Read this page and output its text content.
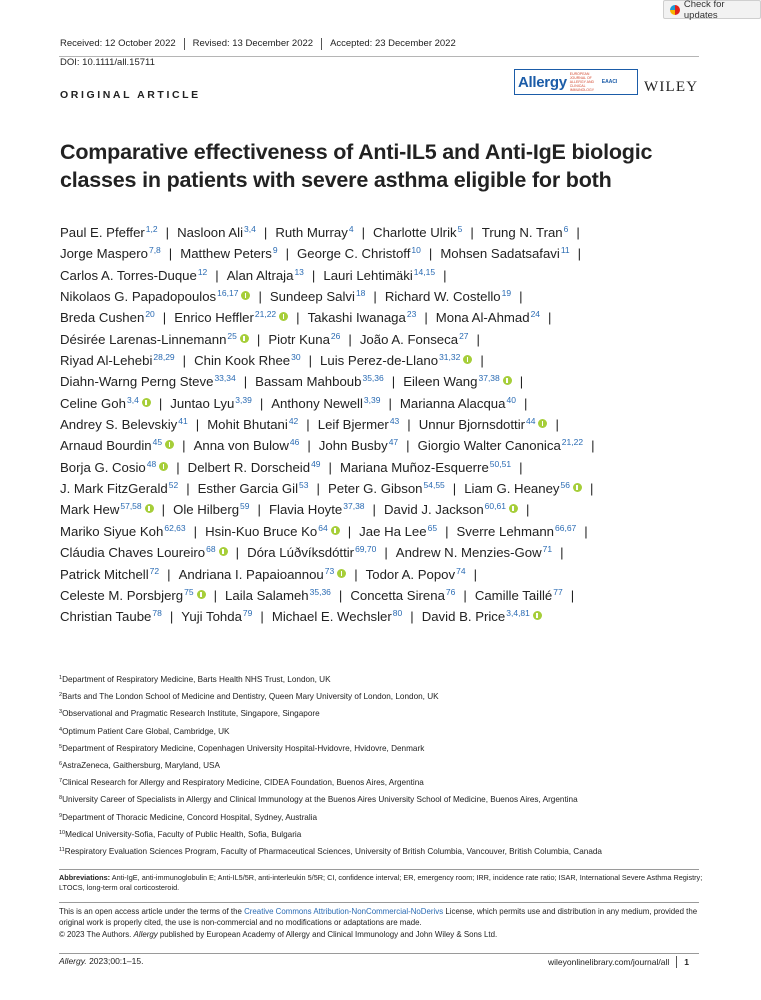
Check for updates
Received: 12 October 2022	Revised: 13 December 2022	Accepted: 23 December 2022
DOI: 10.1111/all.15711
Allergy EUROPEAN JOURNAL OF ALLERGY AND CLINICAL IMMUNOLOGY
EAACI WILEY
ORIGINAL ARTICLE
Comparative effectiveness of Anti-IL5 and Anti-IgE biologic
classes in patients with severe asthma eligible for both
Paul E. Pfeffer$^{1,2}$ | Nasloon Ali$^{3,4}$ | Ruth Murray$^4$ | Charlotte Ulrik$^5$ | Trung N. Tran$^6$ |
Jorge Maspero$^{7,8}$ | Matthew Peters$^9$ | George C. Christoff$^{10}$ | Mohsen Sadatsafavi$^{11}$ |
Carlos A. Torres-Duque$^{12}$ | Alan Altraja$^{13}$ | Lauri Lehtimäki$^{14,15}$ |
Nikolaos G. Papadopoulos$^{16,17}$ | Sundeep Salvi$^{18}$ | Richard W. Costello$^{19}$ |
Breda Cushen$^{20}$ | Enrico Heffler$^{21,22}$ | Takashi Iwanaga$^{23}$ | Mona Al-Ahmad$^{24}$ |
Désirée Larenas-Linnemann$^{25}$ | Piotr Kuna$^{26}$ | João A. Fonseca$^{27}$ |
Riyad Al-Lehebi$^{28,29}$ | Chin Kook Rhee$^{30}$ | Luis Perez-de-Llano$^{31,32}$ |
Diahn-Warng Perng Steve$^{33,34}$ | Bassam Mahboub$^{35,36}$ | Eileen Wang$^{37,38}$ |
Celine Goh$^{3,4}$ | Juntao Lyu$^{3,39}$ | Anthony Newell$^{3,39}$ | Marianna Alacqua$^{40}$ |
Andrey S. Belevskiy$^{41}$ | Mohit Bhutani$^{42}$ | Leif Bjermer$^{43}$ | Unnur Bjornsdottir$^{44}$ |
Arnaud Bourdin$^{45}$ | Anna von Bulow$^{46}$ | John Busby$^{47}$ | Giorgio Walter Canonica$^{21,22}$ |
Borja G. Cosio$^{48}$ | Delbert R. Dorscheid$^{49}$ | Mariana Muñoz-Esquerre$^{50,51}$ |
J. Mark FitzGerald$^{52}$ | Esther Garcia Gil$^{53}$ | Peter G. Gibson$^{54,55}$ | Liam G. Heaney$^{56}$ |
Mark Hew$^{57,58}$ | Ole Hilberg$^{59}$ | Flavia Hoyte$^{37,38}$ | David J. Jackson$^{60,61}$ |
Mariko Siyue Koh$^{62,63}$ | Hsin-Kuo Bruce Ko$^{64}$ | Jae Ha Lee$^{65}$ | Sverre Lehmann$^{66,67}$ |
Cláudia Chaves Loureiro$^{68}$ | Dóra Lúðvíksdóttir$^{69,70}$ | Andrew N. Menzies-Gow$^{71}$ |
Patrick Mitchell$^{72}$ | Andriana I. Papaioannou$^{73}$ | Todor A. Popov$^{74}$ |
Celeste M. Porsbjerg$^{75}$ | Laila Salameh$^{35,36}$ | Concetta Sirena$^{76}$ | Camille Taillé$^{77}$ |
Christian Taube$^{78}$ | Yuji Tohda$^{79}$ | Michael E. Wechsler$^{80}$ | David B. Price$^{3,4,81}$
$^1$Department of Respiratory Medicine, Barts Health NHS Trust, London, UK
$^2$Barts and The London School of Medicine and Dentistry, Queen Mary University of London, London, UK
$^3$Observational and Pragmatic Research Institute, Singapore, Singapore
$^4$Optimum Patient Care Global, Cambridge, UK
$^5$Department of Respiratory Medicine, Copenhagen University Hospital-Hvidovre, Hvidovre, Denmark
$^6$AstraZeneca, Gaithersburg, Maryland, USA
$^7$Clinical Research for Allergy and Respiratory Medicine, CIDEA Foundation, Buenos Aires, Argentina
$^8$University Career of Specialists in Allergy and Clinical Immunology at the Buenos Aires University School of Medicine, Buenos Aires, Argentina
$^9$Department of Thoracic Medicine, Concord Hospital, Sydney, Australia
$^{10}$Medical University-Sofia, Faculty of Public Health, Sofia, Bulgaria
$^{11}$Respiratory Evaluation Sciences Program, Faculty of Pharmaceutical Sciences, University of British Columbia, Vancouver, British Columbia, Canada
Abbreviations: Anti-IgE, anti-immunoglobulin E; Anti-IL5/5R, anti-interleukin 5/5R; CI, confidence interval; ER, emergency room; IRR, incidence rate ratio; ISAR, International Severe Asthma Registry; LTOCS, long-term oral corticosteroid.
This is an open access article under the terms of the Creative Commons Attribution-NonCommercial-NoDerivs License, which permits use and distribution in any medium, provided the original work is properly cited, the use is non-commercial and no modifications or adaptations are made.
© 2023 The Authors. Allergy published by European Academy of Allergy and Clinical Immunology and John Wiley & Sons Ltd.
Allergy. 2023;00:1–15.	wileyonlinelibrary.com/journal/all 1
